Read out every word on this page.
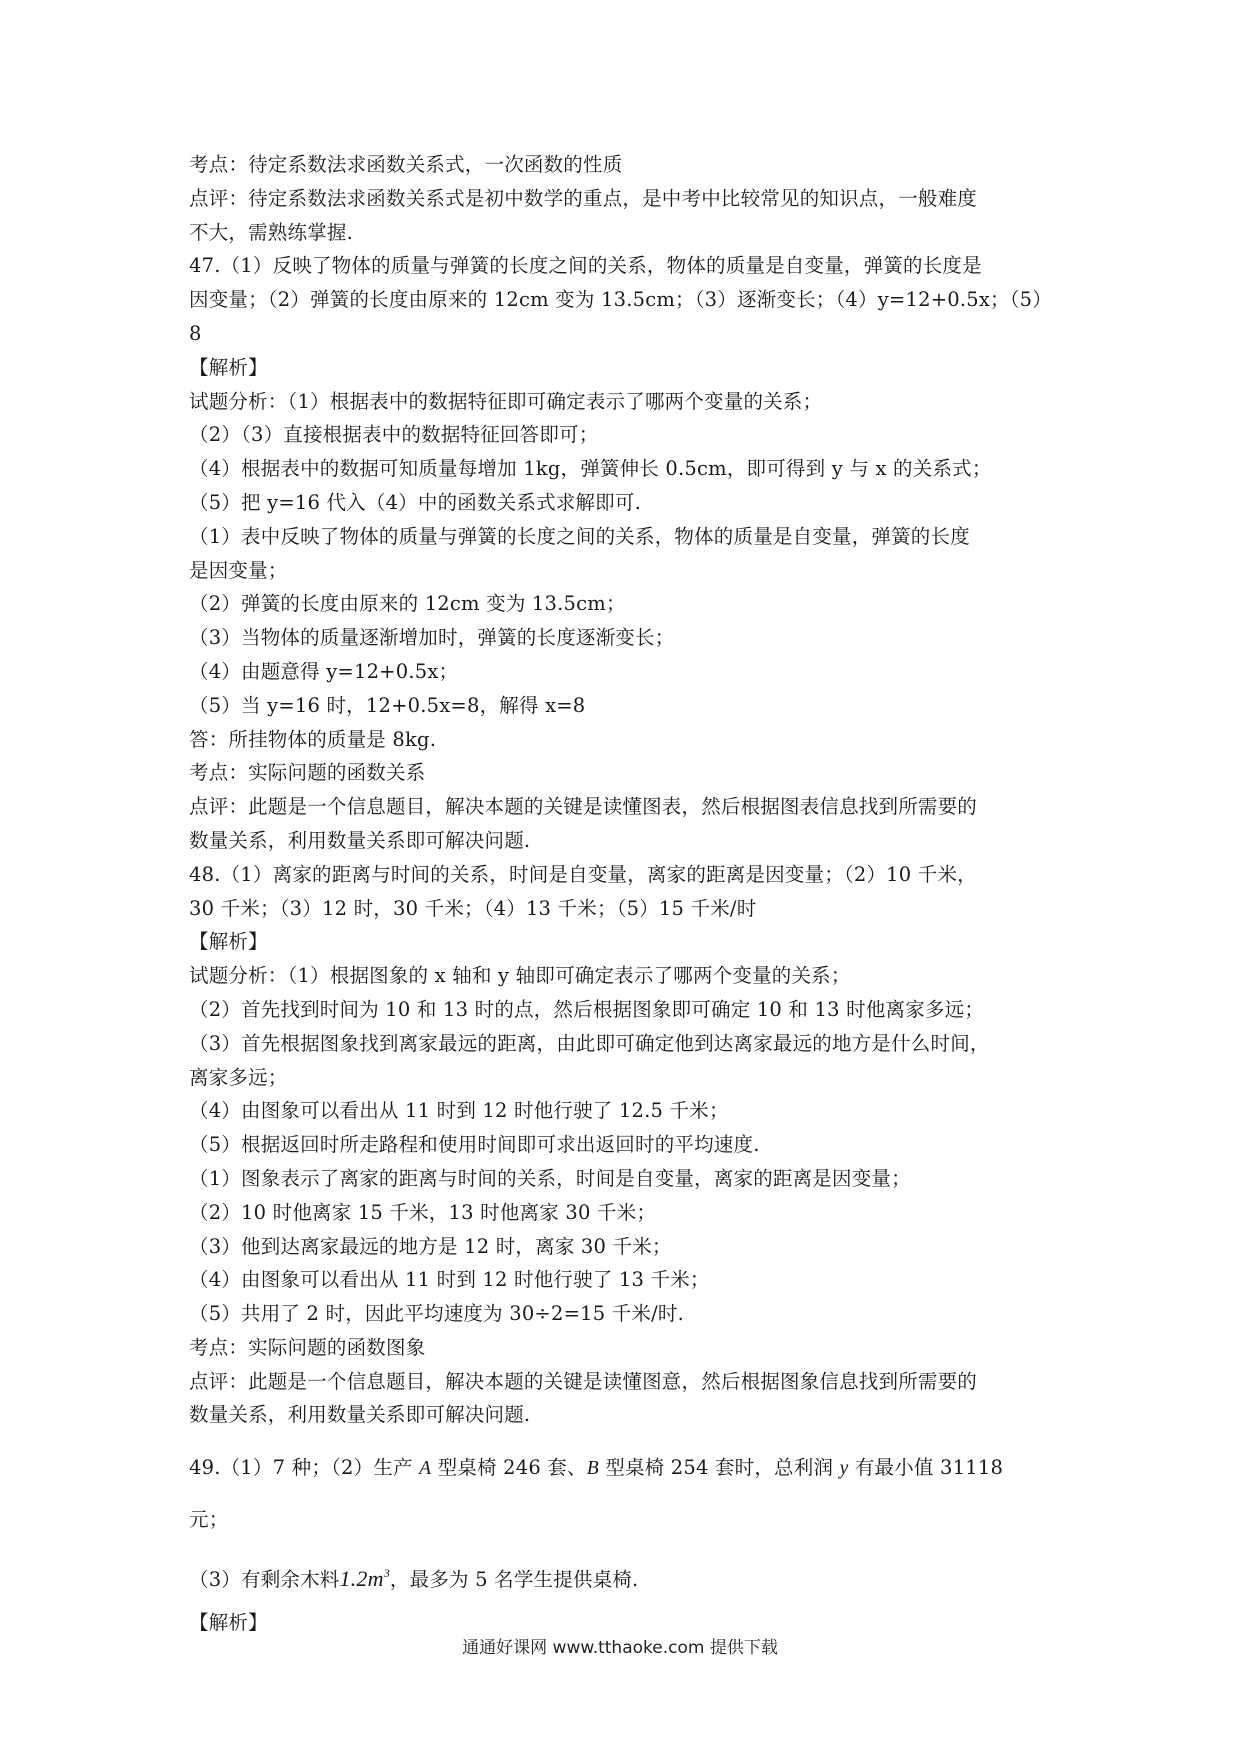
考点：待定系数法求函数关系式，一次函数的性质
点评：待定系数法求函数关系式是初中数学的重点，是中考中比较常见的知识点，一般难度
不大，需熟练掌握.
47.（1）反映了物体的质量与弹簧的长度之间的关系，物体的质量是自变量，弹簧的长度是
因变量；（2）弹簧的长度由原来的 12cm 变为 13.5cm；（3）逐渐变长；（4）y=12+0.5x；（5）
8
【解析】
试题分析：（1）根据表中的数据特征即可确定表示了哪两个变量的关系；
（2）（3）直接根据表中的数据特征回答即可；
（4）根据表中的数据可知质量每增加 1kg，弹簧伸长 0.5cm，即可得到 y 与 x 的关系式；
（5）把 y=16 代入（4）中的函数关系式求解即可.
（1）表中反映了物体的质量与弹簧的长度之间的关系，物体的质量是自变量，弹簧的长度
是因变量；
（2）弹簧的长度由原来的 12cm 变为 13.5cm；
（3）当物体的质量逐渐增加时，弹簧的长度逐渐变长；
（4）由题意得 y=12+0.5x；
（5）当 y=16 时，12+0.5x=8，解得 x=8
答：所挂物体的质量是 8kg.
考点：实际问题的函数关系
点评：此题是一个信息题目，解决本题的关键是读懂图表，然后根据图表信息找到所需要的
数量关系，利用数量关系即可解决问题.
48.（1）离家的距离与时间的关系，时间是自变量，离家的距离是因变量；（2）10 千米，
30 千米；（3）12 时，30 千米；（4）13 千米；（5）15 千米/时
【解析】
试题分析：（1）根据图象的 x 轴和 y 轴即可确定表示了哪两个变量的关系；
（2）首先找到时间为 10 和 13 时的点，然后根据图象即可确定 10 和 13 时他离家多远；
（3）首先根据图象找到离家最远的距离，由此即可确定他到达离家最远的地方是什么时间，
离家多远；
（4）由图象可以看出从 11 时到 12 时他行驶了 12.5 千米；
（5）根据返回时所走路程和使用时间即可求出返回时的平均速度.
（1）图象表示了离家的距离与时间的关系，时间是自变量，离家的距离是因变量；
（2）10 时他离家 15 千米，13 时他离家 30 千米；
（3）他到达离家最远的地方是 12 时，离家 30 千米；
（4）由图象可以看出从 11 时到 12 时他行驶了 13 千米；
（5）共用了 2 时，因此平均速度为 30÷2=15 千米/时.
考点：实际问题的函数图象
点评：此题是一个信息题目，解决本题的关键是读懂图意，然后根据图象信息找到所需要的
数量关系，利用数量关系即可解决问题.
49.（1）7 种；（2）生产 A 型桌椅 246 套、B 型桌椅 254 套时，总利润 y 有最小值 31118
元；
（3）有剩余木料$1.2m^3$，最多为 5 名学生提供桌椅.
【解析】
通通好课网 www.tthaoke.com 提供下载
